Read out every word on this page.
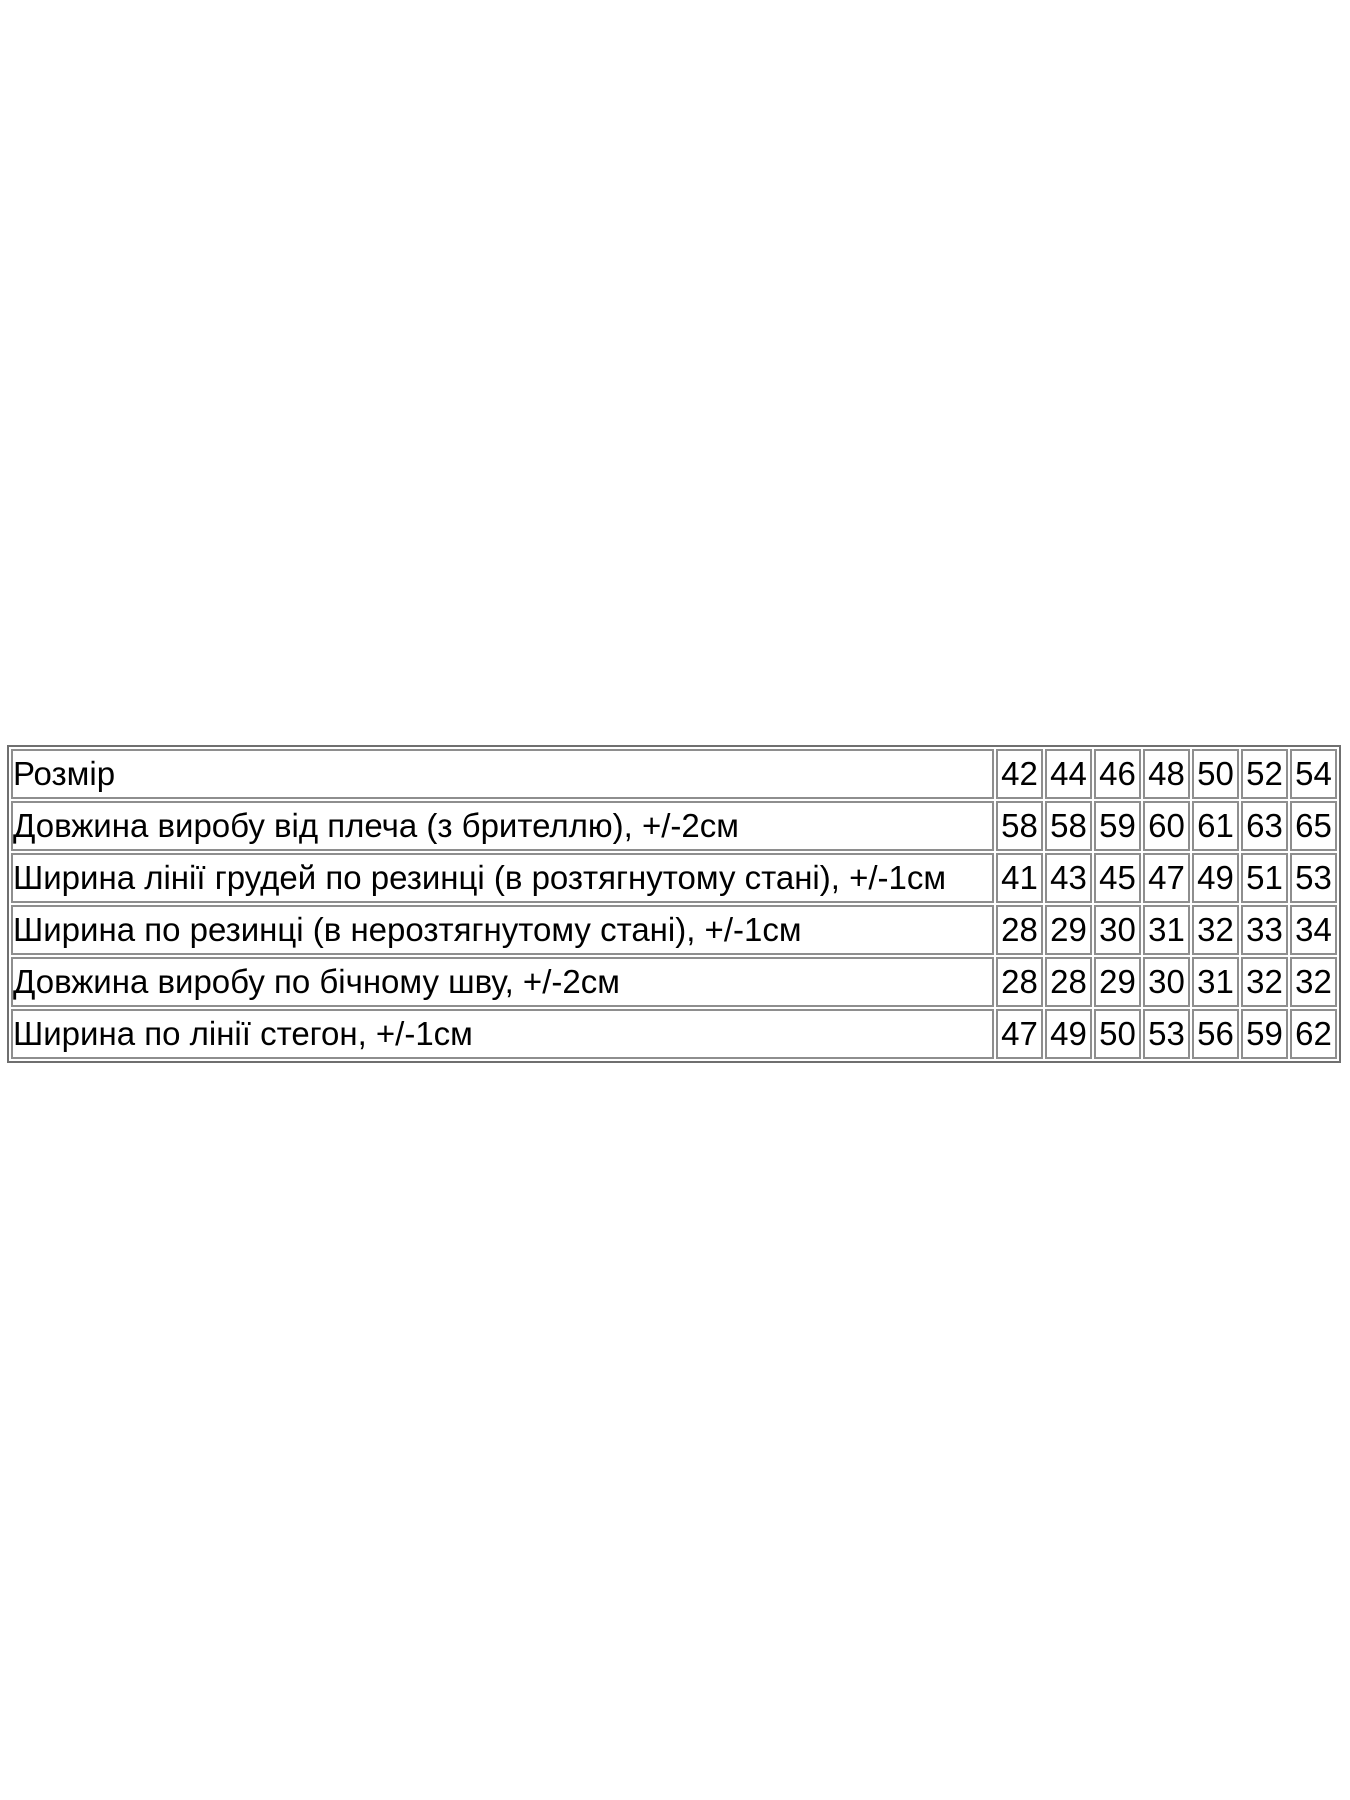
Розмір	42	44	46	48	50	52	54
Довжина виробу від плеча (з брителлю), +/-2см	58	58	59	60	61	63	65
Ширина лінії грудей по резинці (в розтягнутому стані), +/-1см	41	43	45	47	49	51	53
Ширина по резинці (в нерозтягнутому стані), +/-1см	28	29	30	31	32	33	34
Довжина виробу по бічному шву, +/-2см	28	28	29	30	31	32	32
Ширина по лінії стегон, +/-1см	47	49	50	53	56	59	62
